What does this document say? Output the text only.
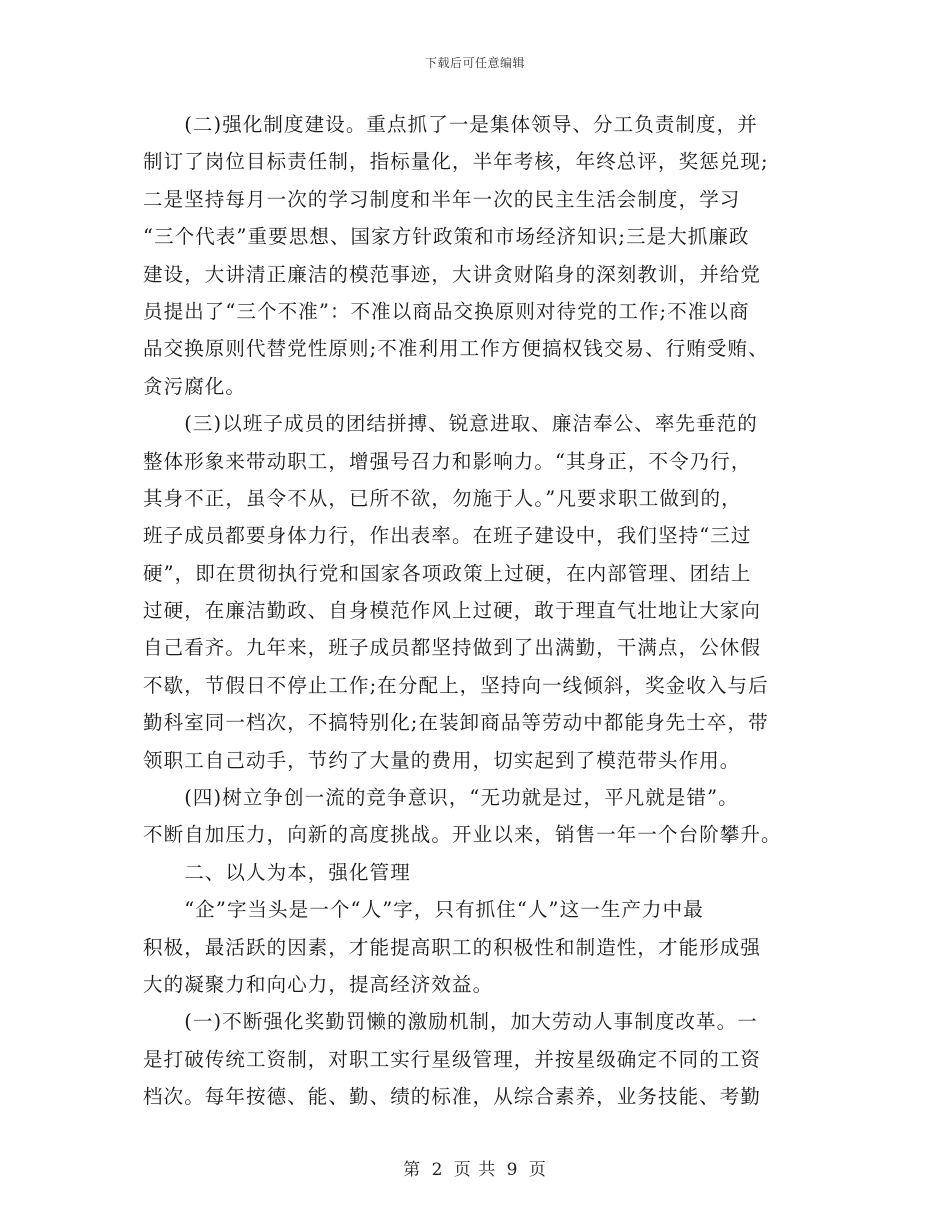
下载后可任意编辑
　　(二)强化制度建设。重点抓了一是集体领导、分工负责制度，并
制订了岗位目标责任制，指标量化，半年考核，年终总评，奖惩兑现;
二是坚持每月一次的学习制度和半年一次的民主生活会制度，学习
“三个代表”重要思想、国家方针政策和市场经济知识;三是大抓廉政
建设，大讲清正廉洁的模范事迹，大讲贪财陷身的深刻教训，并给党
员提出了“三个不准”：不准以商品交换原则对待党的工作;不准以商
品交换原则代替党性原则;不准利用工作方便搞权钱交易、行贿受贿、
贪污腐化。
　　(三)以班子成员的团结拼搏、锐意进取、廉洁奉公、率先垂范的
整体形象来带动职工，增强号召力和影响力。“其身正，不令乃行，
其身不正，虽令不从，已所不欲，勿施于人。”凡要求职工做到的，
班子成员都要身体力行，作出表率。在班子建设中，我们坚持“三过
硬”，即在贯彻执行党和国家各项政策上过硬，在内部管理、团结上
过硬，在廉洁勤政、自身模范作风上过硬，敢于理直气壮地让大家向
自己看齐。九年来，班子成员都坚持做到了出满勤，干满点，公休假
不歇，节假日不停止工作;在分配上，坚持向一线倾斜，奖金收入与后
勤科室同一档次，不搞特别化;在装卸商品等劳动中都能身先士卒，带
领职工自己动手，节约了大量的费用，切实起到了模范带头作用。
　　(四)树立争创一流的竞争意识，“无功就是过，平凡就是错”。
不断自加压力，向新的高度挑战。开业以来，销售一年一个台阶攀升。
　　二、以人为本，强化管理
　　“企”字当头是一个“人”字，只有抓住“人”这一生产力中最
积极，最活跃的因素，才能提高职工的积极性和制造性，才能形成强
大的凝聚力和向心力，提高经济效益。
　　(一)不断强化奖勤罚懒的激励机制，加大劳动人事制度改革。一
是打破传统工资制，对职工实行星级管理，并按星级确定不同的工资
档次。每年按德、能、勤、绩的标准，从综合素养，业务技能、考勤
第 2 页 共 9 页
